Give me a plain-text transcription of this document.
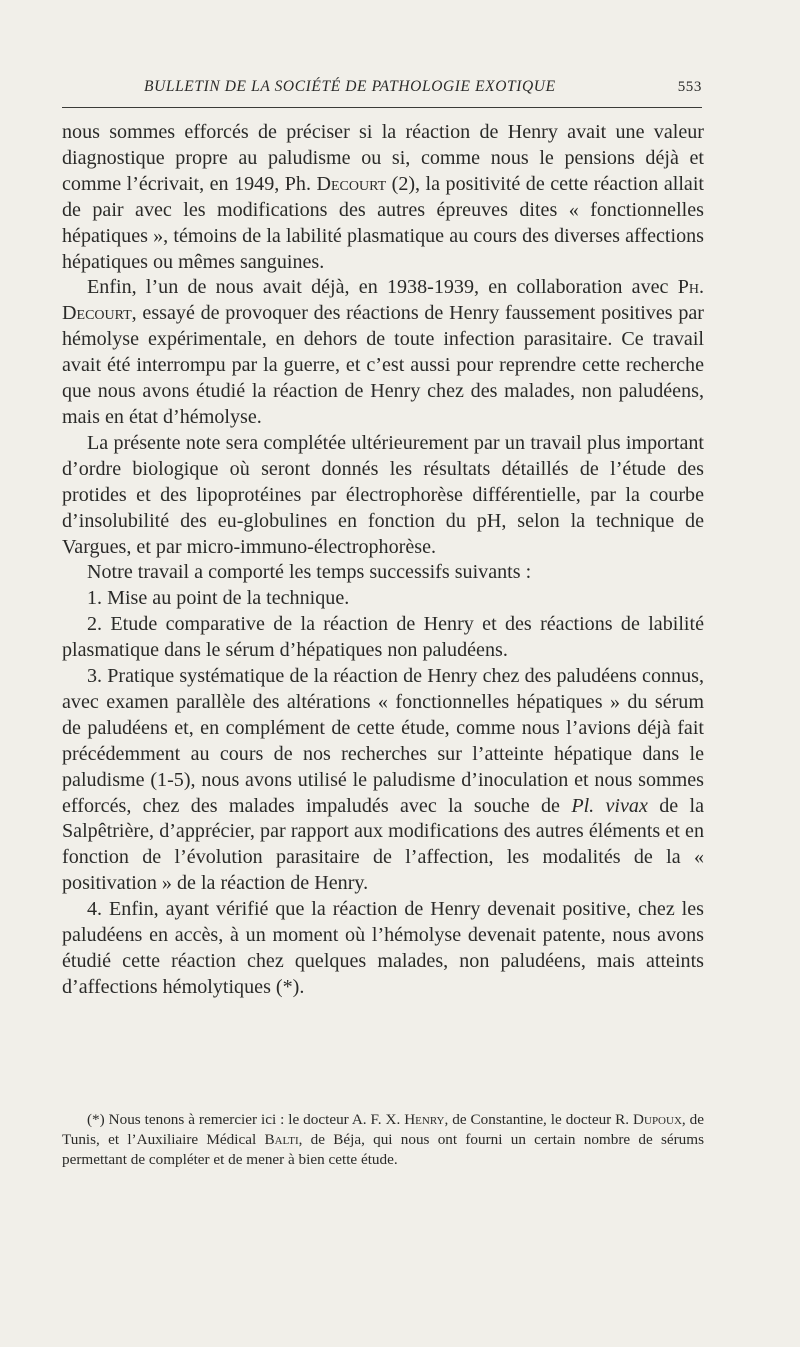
BULLETIN DE LA SOCIÉTÉ DE PATHOLOGIE EXOTIQUE	553

nous sommes efforcés de préciser si la réaction de Henry avait une valeur diagnostique propre au paludisme ou si, comme nous le pensions déjà et comme l’écrivait, en 1949, Ph. Decourt (2), la positivité de cette réaction allait de pair avec les modifications des autres épreuves dites « fonctionnelles hépatiques », témoins de la labilité plasmatique au cours des diverses affections hépatiques ou mêmes sanguines.

Enfin, l’un de nous avait déjà, en 1938-1939, en collaboration avec Ph. Decourt, essayé de provoquer des réactions de Henry faussement positives par hémolyse expérimentale, en dehors de toute infection parasitaire. Ce travail avait été interrompu par la guerre, et c’est aussi pour reprendre cette recherche que nous avons étudié la réaction de Henry chez des malades, non paludéens, mais en état d’hémolyse.

La présente note sera complétée ultérieurement par un travail plus important d’ordre biologique où seront donnés les résultats détaillés de l’étude des protides et des lipoprotéines par électrophorèse différentielle, par la courbe d’insolubilité des eu-globulines en fonction du pH, selon la technique de Vargues, et par micro-immuno-électrophorèse.

Notre travail a comporté les temps successifs suivants :

1. Mise au point de la technique.

2. Etude comparative de la réaction de Henry et des réactions de labilité plasmatique dans le sérum d’hépatiques non paludéens.

3. Pratique systématique de la réaction de Henry chez des paludéens connus, avec examen parallèle des altérations « fonctionnelles hépatiques » du sérum de paludéens et, en complément de cette étude, comme nous l’avions déjà fait précédemment au cours de nos recherches sur l’atteinte hépatique dans le paludisme (1-5), nous avons utilisé le paludisme d’inoculation et nous sommes efforcés, chez des malades impaludés avec la souche de Pl. vivax de la Salpêtrière, d’apprécier, par rapport aux modifications des autres éléments et en fonction de l’évolution parasitaire de l’affection, les modalités de la « positivation » de la réaction de Henry.

4. Enfin, ayant vérifié que la réaction de Henry devenait positive, chez les paludéens en accès, à un moment où l’hémolyse devenait patente, nous avons étudié cette réaction chez quelques malades, non paludéens, mais atteints d’affections hémolytiques (*).

(*) Nous tenons à remercier ici : le docteur A. F. X. Henry, de Constantine, le docteur R. Dupoux, de Tunis, et l’Auxiliaire Médical Balti, de Béja, qui nous ont fourni un certain nombre de sérums permettant de compléter et de mener à bien cette étude.
